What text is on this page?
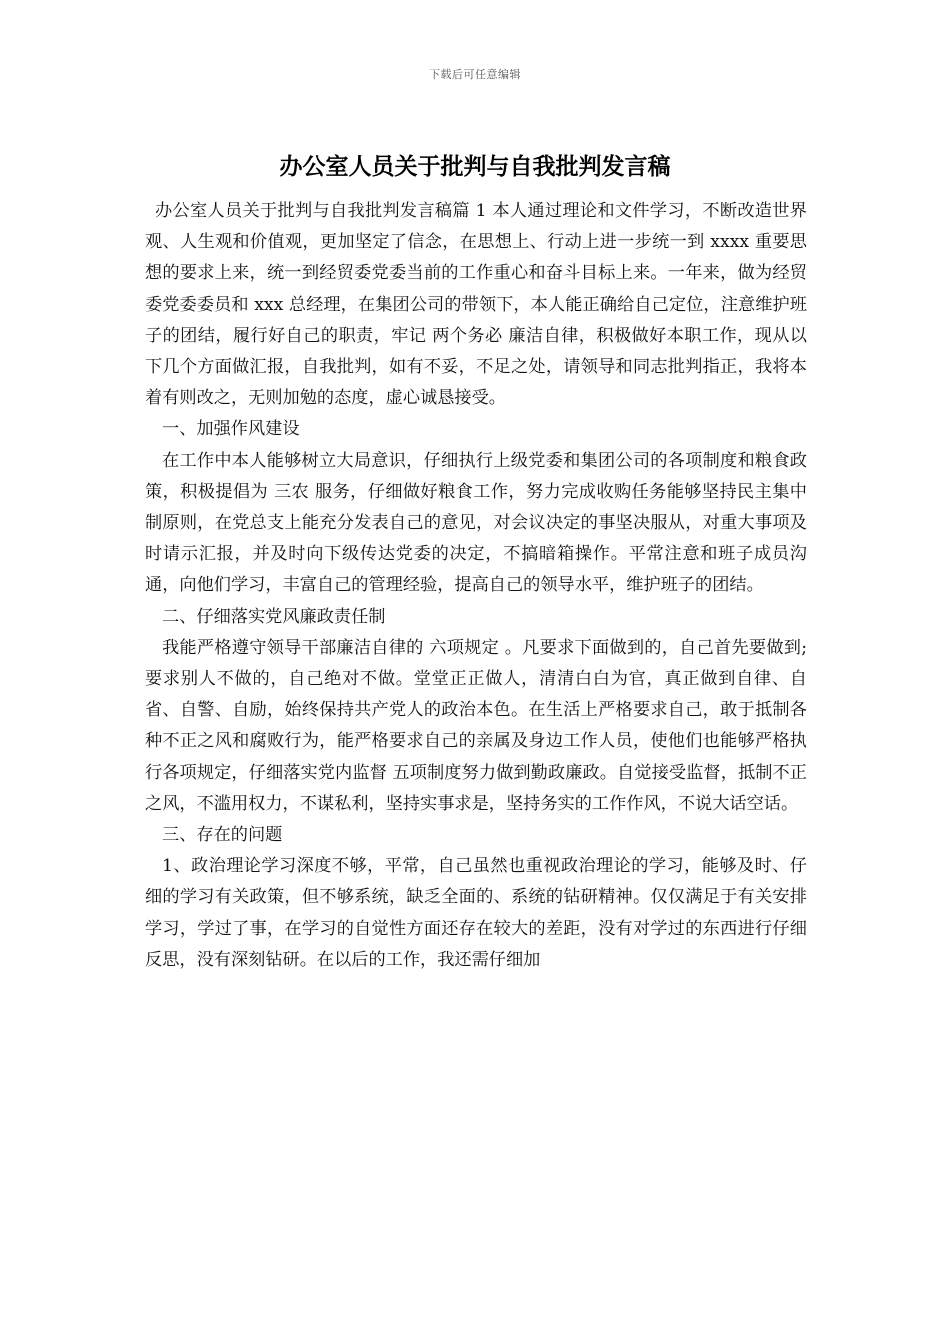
下载后可任意编辑
办公室人员关于批判与自我批判发言稿

办公室人员关于批判与自我批判发言稿篇 1 本人通过理论和文件学习，不断改造世界观、人生观和价值观，更加坚定了信念，在思想上、行动上进一步统一到 xxxx 重要思想的要求上来，统一到经贸委党委当前的工作重心和奋斗目标上来。一年来，做为经贸委党委委员和 xxx 总经理，在集团公司的带领下，本人能正确给自己定位，注意维护班子的团结，履行好自己的职责，牢记 两个务必 廉洁自律，积极做好本职工作，现从以下几个方面做汇报，自我批判，如有不妥，不足之处，请领导和同志批判指正，我将本着有则改之，无则加勉的态度，虚心诚恳接受。

一、加强作风建设

在工作中本人能够树立大局意识，仔细执行上级党委和集团公司的各项制度和粮食政策，积极提倡为 三农 服务，仔细做好粮食工作，努力完成收购任务能够坚持民主集中制原则，在党总支上能充分发表自己的意见，对会议决定的事坚决服从，对重大事项及时请示汇报，并及时向下级传达党委的决定，不搞暗箱操作。平常注意和班子成员沟通，向他们学习，丰富自己的管理经验，提高自己的领导水平，维护班子的团结。

二、仔细落实党风廉政责任制

我能严格遵守领导干部廉洁自律的 六项规定 。凡要求下面做到的，自己首先要做到;要求别人不做的，自己绝对不做。堂堂正正做人，清清白白为官，真正做到自律、自省、自警、自励，始终保持共产党人的政治本色。在生活上严格要求自己，敢于抵制各种不正之风和腐败行为，能严格要求自己的亲属及身边工作人员，使他们也能够严格执行各项规定，仔细落实党内监督 五项制度努力做到勤政廉政。自觉接受监督，抵制不正之风，不滥用权力，不谋私利，坚持实事求是，坚持务实的工作作风，不说大话空话。

三、存在的问题

1、政治理论学习深度不够，平常，自己虽然也重视政治理论的学习，能够及时、仔细的学习有关政策，但不够系统，缺乏全面的、系统的钻研精神。仅仅满足于有关安排学习，学过了事，在学习的自觉性方面还存在较大的差距，没有对学过的东西进行仔细反思，没有深刻钻研。在以后的工作，我还需仔细加
